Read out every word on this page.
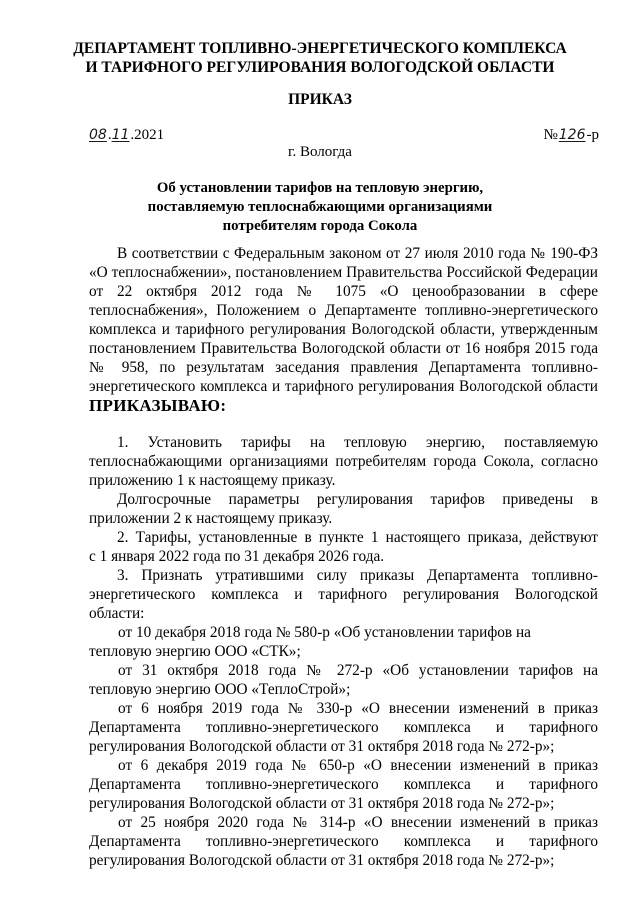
ДЕПАРТАМЕНТ ТОПЛИВНО-ЭНЕРГЕТИЧЕСКОГО КОМПЛЕКСА
И ТАРИФНОГО РЕГУЛИРОВАНИЯ ВОЛОГОДСКОЙ ОБЛАСТИ
ПРИКАЗ
08.11.2021	№126-р
г. Вологда
Об установлении тарифов на тепловую энергию,
поставляемую теплоснабжающими организациями
потребителям города Сокола
В соответствии с Федеральным законом от 27 июля 2010 года № 190-ФЗ
«О теплоснабжении», постановлением Правительства Российской Федерации
от 22 октября 2012 года № 1075 «О ценообразовании в сфере
теплоснабжения», Положением о Департаменте топливно-энергетического
комплекса и тарифного регулирования Вологодской области, утвержденным
постановлением Правительства Вологодской области от 16 ноября 2015 года
№ 958, по результатам заседания правления Департамента топливно-
энергетического комплекса и тарифного регулирования Вологодской области
ПРИКАЗЫВАЮ:
1. Установить тарифы на тепловую энергию, поставляемую
теплоснабжающими организациями потребителям города Сокола, согласно
приложению 1 к настоящему приказу.
Долгосрочные параметры регулирования тарифов приведены в
приложении 2 к настоящему приказу.
2. Тарифы, установленные в пункте 1 настоящего приказа, действуют
с 1 января 2022 года по 31 декабря 2026 года.
3. Признать утратившими силу приказы Департамента топливно-
энергетического комплекса и тарифного регулирования Вологодской
области:
от 10 декабря 2018 года № 580-р «Об установлении тарифов на
тепловую энергию ООО «СТК»;
от 31 октября 2018 года № 272-р «Об установлении тарифов на
тепловую энергию ООО «ТеплоСтрой»;
от 6 ноября 2019 года № 330-р «О внесении изменений в приказ
Департамента топливно-энергетического комплекса и тарифного
регулирования Вологодской области от 31 октября 2018 года № 272-р»;
от 6 декабря 2019 года № 650-р «О внесении изменений в приказ
Департамента топливно-энергетического комплекса и тарифного
регулирования Вологодской области от 31 октября 2018 года № 272-р»;
от 25 ноября 2020 года № 314-р «О внесении изменений в приказ
Департамента топливно-энергетического комплекса и тарифного
регулирования Вологодской области от 31 октября 2018 года № 272-р»;
